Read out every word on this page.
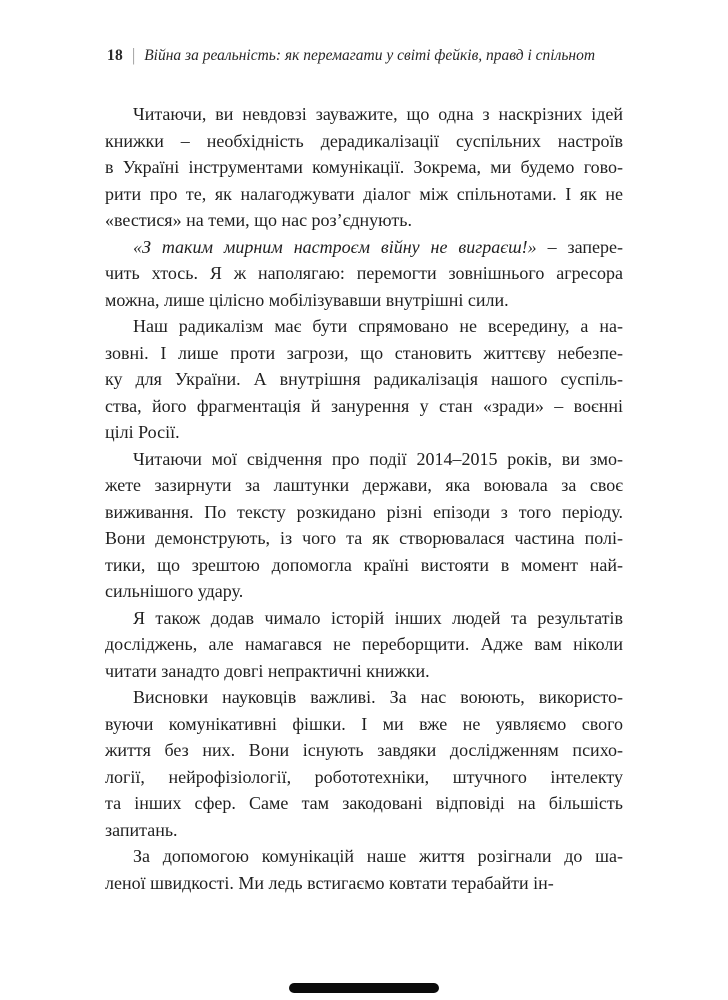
18 | Війна за реальність: як перемагати у світі фейків, правд і спільнот
Читаючи, ви невдовзі зауважите, що одна з наскрізних ідей
книжки – необхідність дерадикалізації суспільних настроїв
в Україні інструментами комунікації. Зокрема, ми будемо гово-
рити про те, як налагоджувати діалог між спільнотами. І як не
«вестися» на теми, що нас роз’єднують.
«З таким мирним настроєм війну не виграєш!» – запере-
чить хтось. Я ж наполягаю: перемогти зовнішнього агресора
можна, лише цілісно мобілізувавши внутрішні сили.
Наш радикалізм має бути спрямовано не всередину, а на-
зовні. І лише проти загрози, що становить життєву небезпе-
ку для України. А внутрішня радикалізація нашого суспіль-
ства, його фрагментація й занурення у стан «зради» – воєнні
цілі Росії.
Читаючи мої свідчення про події 2014–2015 років, ви змо-
жете зазирнути за лаштунки держави, яка воювала за своє
виживання. По тексту розкидано різні епізоди з того періоду.
Вони демонструють, із чого та як створювалася частина полі-
тики, що зрештою допомогла країні вистояти в момент най-
сильнішого удару.
Я також додав чимало історій інших людей та результатів
досліджень, але намагався не переборщити. Адже вам ніколи
читати занадто довгі непрактичні книжки.
Висновки науковців важливі. За нас воюють, використо-
вуючи комунікативні фішки. І ми вже не уявляємо свого
життя без них. Вони існують завдяки дослідженням психо-
логії, нейрофізіології, робототехніки, штучного інтелекту
та інших сфер. Саме там закодовані відповіді на більшість
запитань.
За допомогою комунікацій наше життя розігнали до ша-
леної швидкості. Ми ледь встигаємо ковтати терабайти ін-
